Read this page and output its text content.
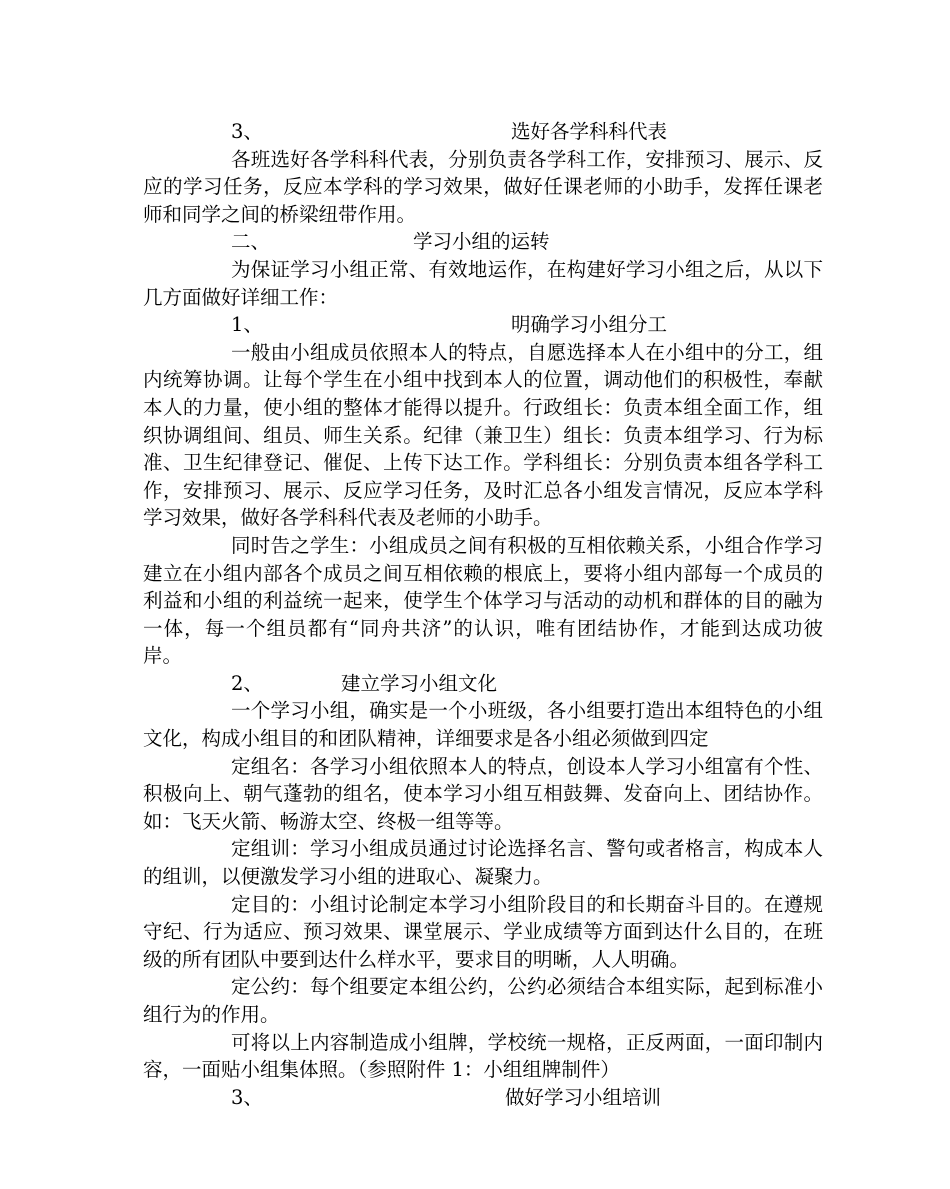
3、	选好各学科科代表

各班选好各学科科代表，分别负责各学科工作，安排预习、展示、反应的学习任务，反应本学科的学习效果，做好任课老师的小助手，发挥任课老师和同学之间的桥梁纽带作用。

二、	学习小组的运转

为保证学习小组正常、有效地运作，在构建好学习小组之后，从以下几方面做好详细工作：

1、	明确学习小组分工

一般由小组成员依照本人的特点，自愿选择本人在小组中的分工，组内统筹协调。让每个学生在小组中找到本人的位置，调动他们的积极性，奉献本人的力量，使小组的整体才能得以提升。行政组长：负责本组全面工作，组织协调组间、组员、师生关系。纪律（兼卫生）组长：负责本组学习、行为标准、卫生纪律登记、催促、上传下达工作。学科组长：分别负责本组各学科工作，安排预习、展示、反应学习任务，及时汇总各小组发言情况，反应本学科学习效果，做好各学科科代表及老师的小助手。

同时告之学生：小组成员之间有积极的互相依赖关系，小组合作学习建立在小组内部各个成员之间互相依赖的根底上，要将小组内部每一个成员的利益和小组的利益统一起来，使学生个体学习与活动的动机和群体的目的融为一体，每一个组员都有“同舟共济”的认识，唯有团结协作，才能到达成功彼岸。

2、	建立学习小组文化

一个学习小组，确实是一个小班级，各小组要打造出本组特色的小组文化，构成小组目的和团队精神，详细要求是各小组必须做到四定

定组名：各学习小组依照本人的特点，创设本人学习小组富有个性、积极向上、朝气蓬勃的组名，使本学习小组互相鼓舞、发奋向上、团结协作。如：飞天火箭、畅游太空、终极一组等等。

定组训：学习小组成员通过讨论选择名言、警句或者格言，构成本人的组训，以便激发学习小组的进取心、凝聚力。

定目的：小组讨论制定本学习小组阶段目的和长期奋斗目的。在遵规守纪、行为适应、预习效果、课堂展示、学业成绩等方面到达什么目的，在班级的所有团队中要到达什么样水平，要求目的明晰，人人明确。

定公约：每个组要定本组公约，公约必须结合本组实际，起到标准小组行为的作用。

可将以上内容制造成小组牌，学校统一规格，正反两面，一面印制内容，一面贴小组集体照。（参照附件 1：小组组牌制件）

3、	做好学习小组培训
